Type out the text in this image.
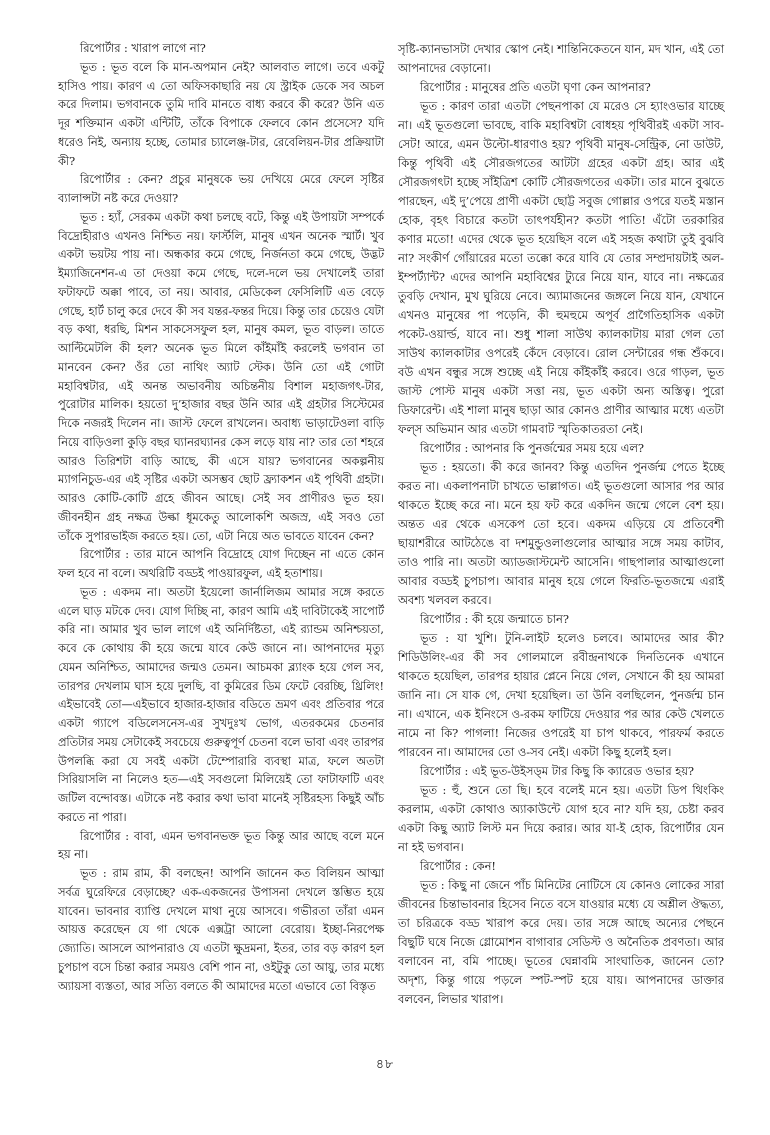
রিপোর্টার : খারাপ লাগে না?

ভূত : ভূত বলে কি মান-অপমান নেই? আলবাত লাগে। তবে একটু হাসিও পায়। কারণ এ তো অফিসকাছারি নয় যে স্ট্রাইক ডেকে সব অচল করে দিলাম। ভগবানকে তুমি দাবি মানতে বাধ্য করবে কী করে? উনি এত দূর শক্তিমান একটা এন্টিটি, তাঁকে বিপাকে ফেলবে কোন প্রসেসে? যদি ধরেও নিই, অন্যায় হচ্ছে, তোমার চ্যালেঞ্জ-টার, রেবেলিয়ন-টার প্রক্রিয়াটা কী?

রিপোর্টার : কেন? প্রচুর মানুষকে ভয় দেখিয়ে মেরে ফেলে সৃষ্টির ব্যালান্সটা নষ্ট করে দেওয়া?

ভূত : হ্যাঁ, সেরকম একটা কথা চলছে বটে, কিন্তু এই উপায়টা সম্পর্কে বিদ্রোহীরাও এখনও নিশ্চিত নয়। ফার্স্টলি, মানুষ এখন অনেক স্মার্ট। খুব একটা ভয়টয় পায় না। অন্ধকার কমে গেছে, নির্জনতা কমে গেছে, উদ্ভট ইম্যাজিনেশন-এ তা দেওয়া কমে গেছে, দলে-দলে ভয় দেখালেই তারা ফটাফটে অক্কা পাবে, তা নয়। আবার, মেডিকেল ফেসিলিটি এত বেড়ে গেছে, হার্ট চালু করে দেবে কী সব যন্তর-ফন্তর দিয়ে। কিন্তু তার চেয়েও যেটা বড় কথা, ধরছি, মিশন সাকসেসফুল হল, মানুষ কমল, ভূত বাড়ল। তাতে আল্টিমেটলি কী হল? অনেক ভূত মিলে কাঁইমাঁই করলেই ভগবান তা মানবেন কেন? ওঁর তো নাথিং অ্যাট স্টেক। উনি তো এই গোটা মহাবিশ্বটার, এই অনন্ত অভাবনীয় অচিন্তনীয় বিশাল মহাজগৎ-টার, পুরোটার মালিক। হয়তো দু’হাজার বছর উনি আর এই গ্রহটার সিস্টেমের দিকে নজরই দিলেন না। জাস্ট ফেলে রাখলেন। অবাধ্য ভাড়াটেওলা বাড়ি নিয়ে বাড়িওলা কুড়ি বছর ঘ্যানরঘ্যানর কেস লড়ে যায় না? তার তো শহরে আরও তিরিশটা বাড়ি আছে, কী এসে যায়? ভগবানের অকল্পনীয় ম্যাগনিচুড-এর এই সৃষ্টির একটা অসম্ভব ছোট ফ্র্যাকশন এই পৃথিবী গ্রহটা। আরও কোটি-কোটি গ্রহে জীবন আছে। সেই সব প্রাণীরও ভূত হয়। জীবনহীন গ্রহ নক্ষত্র উল্কা ধূমকেতু আলোকশি অজস্র, এই সবও তো তাঁকে সুপারভাইজ করতে হয়। তো, এটা নিয়ে অত ভাবতে যাবেন কেন?

রিপোর্টার : তার মানে আপনি বিদ্রোহে যোগ দিচ্ছেন না এতে কোন ফল হবে না বলে। অথরিটি বড্ডই পাওয়ারফুল, এই হতাশায়।

ভূত : একদম না। অতটা ইয়েলো জার্নালিজম আমার সঙ্গে করতে এলে ঘাড় মটকে দেব। যোগ দিচ্ছি না, কারণ আমি এই দাবিটাকেই সাপোর্ট করি না। আমার খুব ভাল লাগে এই অনির্দিষ্টতা, এই র‍্যান্ডম অনিশ্চয়তা, কবে কে কোথায় কী হয়ে জন্মে যাবে কেউ জানে না। আপনাদের মৃত্যু যেমন অনিশ্চিত, আমাদের জন্মও তেমন। আচমকা ব্ল্যাংক হয়ে গেল সব, তারপর দেখলাম ঘাস হয়ে দুলছি, বা কুমিরের ডিম ফেটে বেরচ্ছি, থ্রিলিং! এইভাবেই তো—এইভাবে হাজার-হাজার বডিতে ভ্রমণ এবং প্রতিবার পরে একটা গ্যাপে বডিলেসনেস-এর সুখদুঃখ ভোগ, এতরকমের চেতনার প্রতিটার সময় সেটাকেই সবচেয়ে গুরুত্বপূর্ণ চেতনা বলে ভাবা এবং তারপর উপলব্ধি করা যে সবই একটা টেম্পোরারি ব্যবস্থা মাত্র, ফলে অতটা সিরিয়াসলি না নিলেও হত—এই সবগুলো মিলিয়েই তো ফাটাফাটি এবং জটিল বন্দোবস্ত। এটাকে নষ্ট করার কথা ভাবা মানেই সৃষ্টিরহস্য কিছুই আঁচ করতে না পারা।

রিপোর্টার : বাবা, এমন ভগবানভক্ত ভূত কিন্তু আর আছে বলে মনে হয় না।

ভূত : রাম রাম, কী বলছেন! আপনি জানেন কত বিলিয়ন আত্মা সর্বত্র ঘুরেফিরে বেড়াচ্ছে? এক-একজনের উপাসনা দেখলে স্তম্ভিত হয়ে যাবেন। ভাবনার ব্যাপ্তি দেখলে মাথা নুয়ে আসবে। গভীরতা তাঁরা এমন আয়ত্ত করেছেন যে গা থেকে এক্সট্রা আলো বেরোয়। ইচ্ছা-নিরপেক্ষ জ্যোতি। আসলে আপনারাও যে এতটা ক্ষুদ্রমনা, ইতর, তার বড় কারণ হল চুপচাপ বসে চিন্তা করার সময়ও বেশি পান না, ওইটুকু তো আয়ু, তার মধ্যে অ্যায়সা ব্যস্ততা, আর সত্যি বলতে কী আমাদের মতো এভাবে তো বিস্তৃত

সৃষ্টি-ক্যানভাসটা দেখার স্কোপ নেই। শান্তিনিকেতনে যান, মদ খান, এই তো আপনাদের বেড়ানো।

রিপোর্টার : মানুষের প্রতি এতটা ঘৃণা কেন আপনার?

ভূত : কারণ তারা এতটা পেছনপাকা যে মরেও সে হ্যাংওভার যাচ্ছে না। এই ভূতগুলো ভাবছে, বাকি মহাবিশ্বটা বোধহয় পৃথিবীরই একটা সাব-সেট! আরে, এমন উল্টো-ধারণাও হয়? পৃথিবী মানুষ-সেন্ট্রিক, নো ডাউট, কিন্তু পৃথিবী এই সৌরজগতের আটটা গ্রহের একটা গ্রহ। আর এই সৌরজগৎটা হচ্ছে সাঁইত্রিশ কোটি সৌরজগতের একটা। তার মানে বুঝতে পারছেন, এই দু’পেয়ে প্রাণী একটা ছোট্ট সবুজ গোল্লার ওপরে যতই মস্তান হোক, বৃহৎ বিচারে কতটা তাৎপর্যহীন? কতটা পাতি! এঁটো তরকারির কণার মতো! এদের থেকে ভূত হয়েছিস বলে এই সহজ কথাটা তুই বুঝবি না? সংকীর্ণ গোঁয়ারের মতো তক্কো করে যাবি যে তোর সম্প্রদায়টাই অল-ইম্পর্ট্যান্ট? এদের আপনি মহাবিশ্বের ট্যুরে নিয়ে যান, যাবে না। নক্ষত্রের তুবড়ি দেখান, মুখ ঘুরিয়ে নেবে। অ্যামাজনের জঙ্গলে নিয়ে যান, যেখানে এখনও মানুষের পা পড়েনি, কী হুমহুমে অপূর্ব প্রাগৈতিহাসিক একটা পকেট-ওয়ার্ল্ড, যাবে না। শুধু শালা সাউথ ক্যালকাটায় মারা গেল তো সাউথ ক্যালকাটার ওপরেই কেঁদে বেড়াবে। রোল সেন্টারের গন্ধ শুঁকবে। বউ এখন বন্ধুর সঙ্গে শুচ্ছে এই নিয়ে কাঁইকাঁই করবে। ওরে গাড়ল, ভূত জাস্ট পোস্ট মানুষ একটা সত্তা নয়, ভূত একটা অন্য অস্তিত্ব। পুরো ডিফারেন্ট। এই শালা মানুষ ছাড়া আর কোনও প্রাণীর আত্মার মধ্যে এতটা ফল্স অভিমান আর এতটা গামবাট স্মৃতিকাতরতা নেই।

রিপোর্টার : আপনার কি পুনর্জন্মের সময় হয়ে এল?

ভূত : হয়তো। কী করে জানব? কিন্তু এতদিন পুনর্জন্ম পেতে ইচ্ছে করত না। একলাপনাটা চাখতে ভাল্লাগত। এই ভূতগুলো আসার পর আর থাকতে ইচ্ছে করে না। মনে হয় ফট করে একদিন জন্মে গেলে বেশ হয়। অন্তত এর থেকে এসকেপ তো হবে। একদম এড়িয়ে যে প্রতিবেশী ছায়াশরীরে আটঠেঙে বা দশমুন্ডুওলাগুলোর আত্মার সঙ্গে সময় কাটাব, তাও পারি না। অতটা অ্যাডজাস্টমেন্ট আসেনি। গাছপালার আত্মাগুলো আবার বড্ডই চুপচাপ। আবার মানুষ হয়ে গেলে ফিরতি-ভূতজন্মে এরাই অবশ্য খলবল করবে।

রিপোর্টার : কী হয়ে জন্মাতে চান?

ভূত : যা খুশি। টুনি-লাইট হলেও চলবে। আমাদের আর কী? শিডিউলিং-এর কী সব গোলমালে রবীন্দ্রনাথকে দিনতিনেক এখানে থাকতে হয়েছিল, তারপর হায়ার প্লেনে নিয়ে গেল, সেখানে কী হয় আমরা জানি না। সে যাক গে, দেখা হয়েছিল। তা উনি বলছিলেন, পুনর্জন্ম চান না। এখানে, এক ইনিংসে ও-রকম ফাটিয়ে দেওয়ার পর আর কেউ খেলতে নামে না কি? পাগলা! নিজের ওপরেই যা চাপ থাকবে, পারফর্ম করতে পারবেন না। আমাদের তো ও-সব নেই। একটা কিছু হলেই হল।

রিপোর্টার : এই ভূত-উইসড্‌ম টার কিছু কি ক্যারেড ওভার হয়?

ভূত : হুঁ, শুনে তো ছি। হবে বলেই মনে হয়। এতটা ডিপ থিংকিং করলাম, একটা কোথাও অ্যাকাউন্টে যোগ হবে না? যদি হয়, চেষ্টা করব একটা কিছু অ্যাট লিস্ট মন দিয়ে করার। আর যা-ই হোক, রিপোর্টার যেন না হই ভগবান।

রিপোর্টার : কেন!

ভূত : কিছু না জেনে পাঁচ মিনিটের নোটিসে যে কোনও লোকের সারা জীবনের চিন্তাভাবনার হিসেব নিতে বসে যাওয়ার মধ্যে যে অশ্লীল ঔদ্ধত্য, তা চরিত্রকে বড্ড খারাপ করে দেয়। তার সঙ্গে আছে অন্যের পেছনে বিছুটি ঘষে নিজে গ্লোমোশন বাগাবার সেডিস্ট ও অনৈতিক প্রবণতা। আর বলাবেন না, বমি পাচ্ছে। ভূতের ঘেন্নাবমি সাংঘাতিক, জানেন তো? অদৃশ্য, কিন্তু গায়ে পড়লে স্পট-স্পট হয়ে যায়। আপনাদের ডাক্তার বলবেন, লিভার খারাপ।

৪৮
